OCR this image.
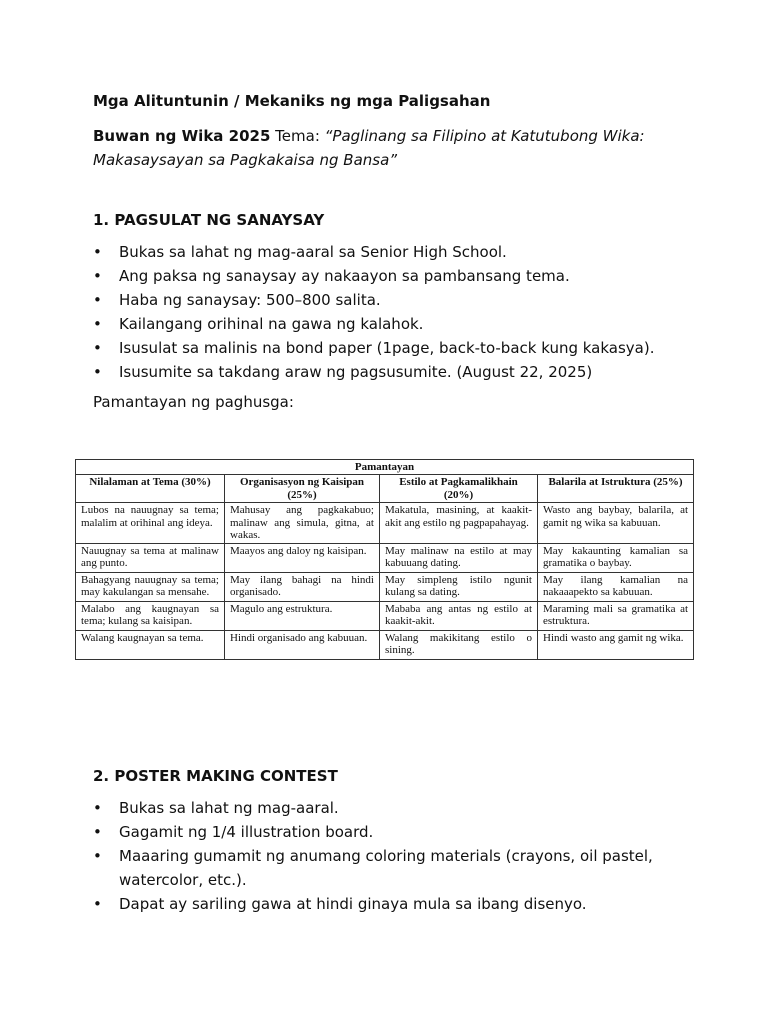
Mga Alituntunin / Mekaniks ng mga Paligsahan
Buwan ng Wika 2025 Tema: “Paglinang sa Filipino at Katutubong Wika: Makasaysayan sa Pagkakaisa ng Bansa”
1. PAGSULAT NG SANAYSAY
• Bukas sa lahat ng mag-aaral sa Senior High School.
• Ang paksa ng sanaysay ay nakaayon sa pambansang tema.
• Haba ng sanaysay: 500–800 salita.
• Kailangang orihinal na gawa ng kalahok.
• Isusulat sa malinis na bond paper (1page, back-to-back kung kakasya).
• Isusumite sa takdang araw ng pagsusumite. (August 22, 2025)
Pamantayan ng paghusga:
Pamantayan			
Nilalaman at Tema (30%)	Organisasyon ng Kaisipan (25%)	Estilo at Pagkamalikhain (20%)	Balarila at Istruktura (25%)
Lubos na nauugnay sa tema; malalim at orihinal ang ideya.	Mahusay ang pagkakabuo; malinaw ang simula, gitna, at wakas.	Makatula, masining, at kaakit-akit ang estilo ng pagpapahayag.	Wasto ang baybay, balarila, at gamit ng wika sa kabuuan.
Nauugnay sa tema at malinaw ang punto.	Maayos ang daloy ng kaisipan.	May malinaw na estilo at may kabuuang dating.	May kakaunting kamalian sa gramatika o baybay.
Bahagyang nauugnay sa tema; may kakulangan sa mensahe.	May ilang bahagi na hindi organisado.	May simpleng istilo ngunit kulang sa dating.	May ilang kamalian na nakaaapekto sa kabuuan.
Malabo ang kaugnayan sa tema; kulang sa kaisipan.	Magulo ang estruktura.	Mababa ang antas ng estilo at kaakit-akit.	Maraming mali sa gramatika at estruktura.
Walang kaugnayan sa tema.	Hindi organisado ang kabuuan.	Walang makikitang estilo o sining.	Hindi wasto ang gamit ng wika.
2. POSTER MAKING CONTEST
• Bukas sa lahat ng mag-aaral.
• Gagamit ng 1/4 illustration board.
• Maaaring gumamit ng anumang coloring materials (crayons, oil pastel, watercolor, etc.).
• Dapat ay sariling gawa at hindi ginaya mula sa ibang disenyo.
